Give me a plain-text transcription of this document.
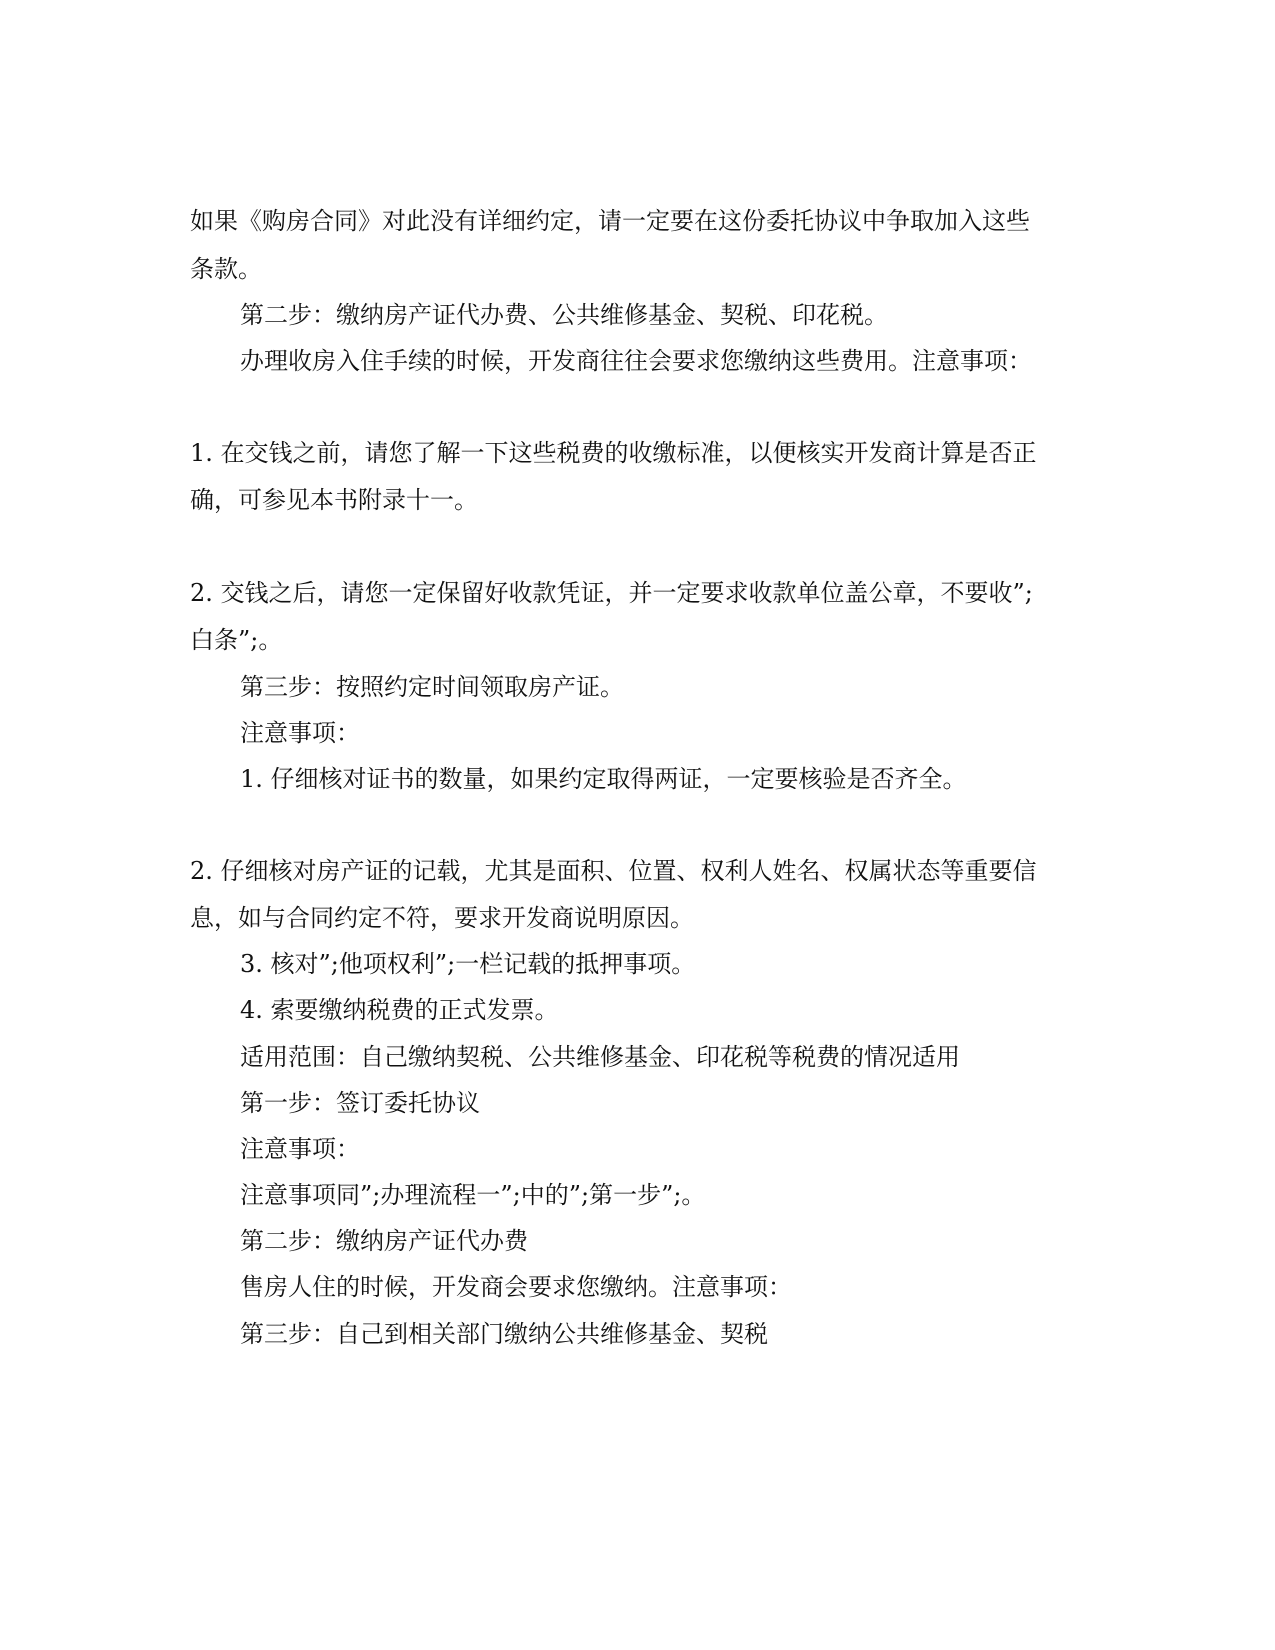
如果《购房合同》对此没有详细约定，请一定要在这份委托协议中争取加入这些
条款。
第二步：缴纳房产证代办费、公共维修基金、契税、印花税。
办理收房入住手续的时候，开发商往往会要求您缴纳这些费用。注意事项：
1. 在交钱之前，请您了解一下这些税费的收缴标准，以便核实开发商计算是否正
确，可参见本书附录十一。
2. 交钱之后，请您一定保留好收款凭证，并一定要求收款单位盖公章，不要收”;
白条”;。
第三步：按照约定时间领取房产证。
注意事项：
1. 仔细核对证书的数量，如果约定取得两证，一定要核验是否齐全。
2. 仔细核对房产证的记载，尤其是面积、位置、权利人姓名、权属状态等重要信
息，如与合同约定不符，要求开发商说明原因。
3. 核对”;他项权利”;一栏记载的抵押事项。
4. 索要缴纳税费的正式发票。
适用范围：自己缴纳契税、公共维修基金、印花税等税费的情况适用
第一步：签订委托协议
注意事项：
注意事项同”;办理流程一”;中的”;第一步”;。
第二步：缴纳房产证代办费
售房人住的时候，开发商会要求您缴纳。注意事项：
第三步：自己到相关部门缴纳公共维修基金、契税
